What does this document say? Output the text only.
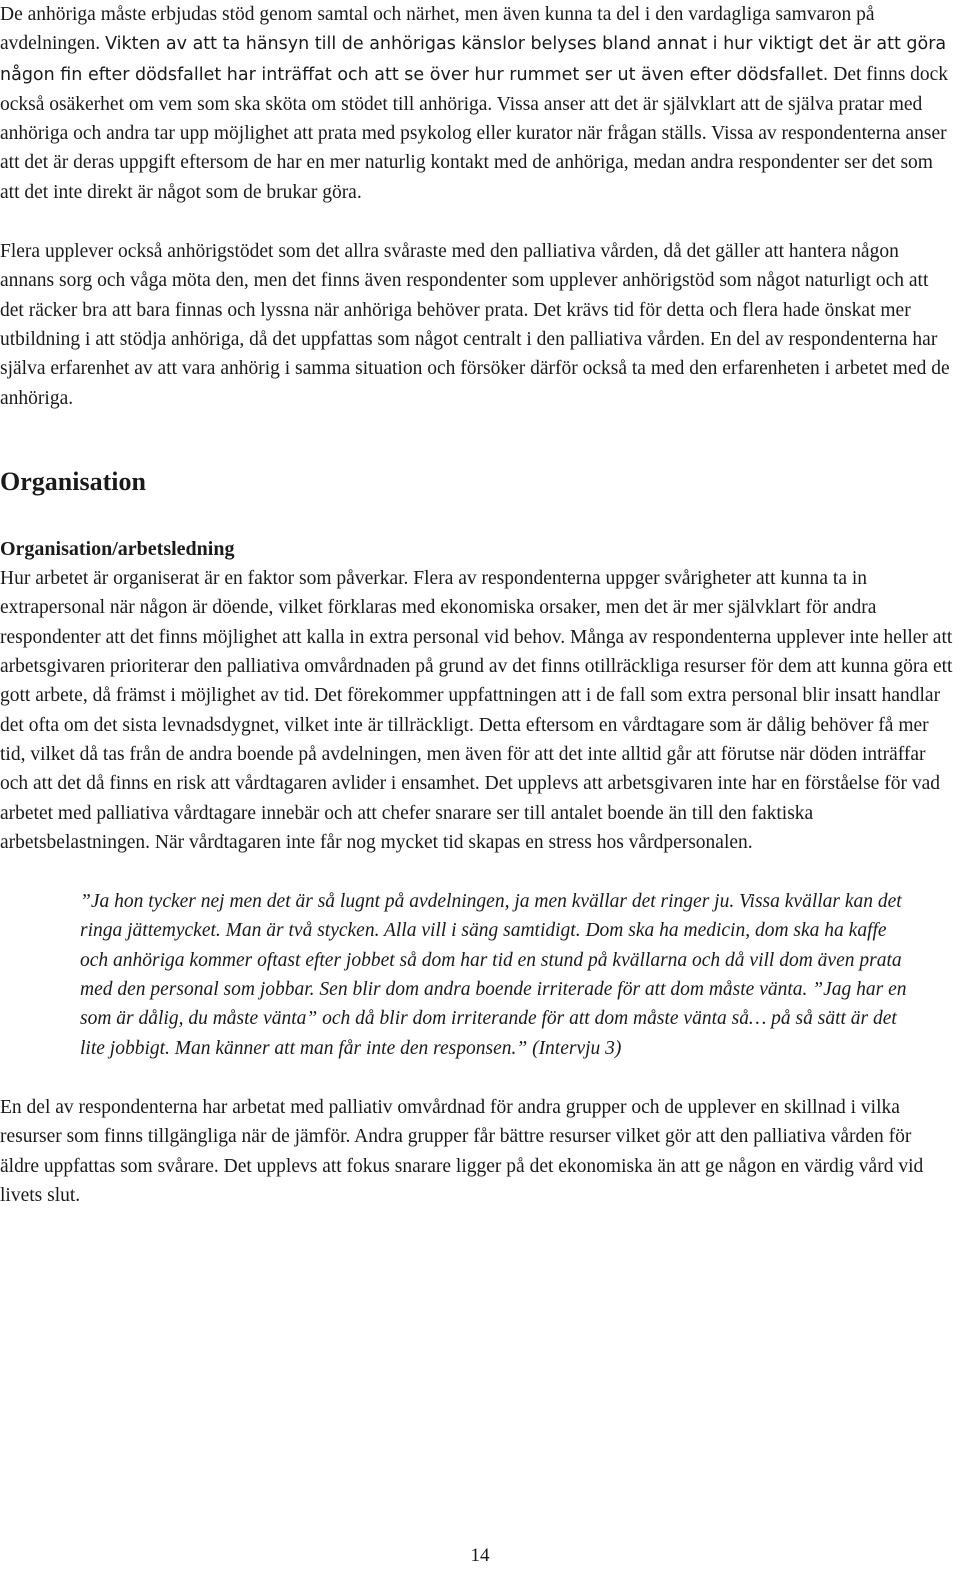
De anhöriga måste erbjudas stöd genom samtal och närhet, men även kunna ta del i den vardagliga samvaron på avdelningen. Vikten av att ta hänsyn till de anhörigas känslor belyses bland annat i hur viktigt det är att göra någon fin efter dödsfallet har inträffat och att se över hur rummet ser ut även efter dödsfallet. Det finns dock också osäkerhet om vem som ska sköta om stödet till anhöriga. Vissa anser att det är självklart att de själva pratar med anhöriga och andra tar upp möjlighet att prata med psykolog eller kurator när frågan ställs. Vissa av respondenterna anser att det är deras uppgift eftersom de har en mer naturlig kontakt med de anhöriga, medan andra respondenter ser det som att det inte direkt är något som de brukar göra.

Flera upplever också anhörigstödet som det allra svåraste med den palliativa vården, då det gäller att hantera någon annans sorg och våga möta den, men det finns även respondenter som upplever anhörigstöd som något naturligt och att det räcker bra att bara finnas och lyssna när anhöriga behöver prata. Det krävs tid för detta och flera hade önskat mer utbildning i att stödja anhöriga, då det uppfattas som något centralt i den palliativa vården. En del av respondenterna har själva erfarenhet av att vara anhörig i samma situation och försöker därför också ta med den erfarenheten i arbetet med de anhöriga.

Organisation
Organisation/arbetsledning

Hur arbetet är organiserat är en faktor som påverkar. Flera av respondenterna uppger svårigheter att kunna ta in extrapersonal när någon är döende, vilket förklaras med ekonomiska orsaker, men det är mer självklart för andra respondenter att det finns möjlighet att kalla in extra personal vid behov. Många av respondenterna upplever inte heller att arbetsgivaren prioriterar den palliativa omvårdnaden på grund av det finns otillräckliga resurser för dem att kunna göra ett gott arbete, då främst i möjlighet av tid. Det förekommer uppfattningen att i de fall som extra personal blir insatt handlar det ofta om det sista levnadsdygnet, vilket inte är tillräckligt. Detta eftersom en vårdtagare som är dålig behöver få mer tid, vilket då tas från de andra boende på avdelningen, men även för att det inte alltid går att förutse när döden inträffar och att det då finns en risk att vårdtagaren avlider i ensamhet. Det upplevs att arbetsgivaren inte har en förståelse för vad arbetet med palliativa vårdtagare innebär och att chefer snarare ser till antalet boende än till den faktiska arbetsbelastningen. När vårdtagaren inte får nog mycket tid skapas en stress hos vårdpersonalen.

”Ja hon tycker nej men det är så lugnt på avdelningen, ja men kvällar det ringer ju. Vissa kvällar kan det ringa jättemycket. Man är två stycken. Alla vill i säng samtidigt. Dom ska ha medicin, dom ska ha kaffe och anhöriga kommer oftast efter jobbet så dom har tid en stund på kvällarna och då vill dom även prata med den personal som jobbar. Sen blir dom andra boende irriterade för att dom måste vänta. ”Jag har en som är dålig, du måste vänta” och då blir dom irriterande för att dom måste vänta så… på så sätt är det lite jobbigt. Man känner att man får inte den responsen.” (Intervju 3)

En del av respondenterna har arbetat med palliativ omvårdnad för andra grupper och de upplever en skillnad i vilka resurser som finns tillgängliga när de jämför. Andra grupper får bättre resurser vilket gör att den palliativa vården för äldre uppfattas som svårare. Det upplevs att fokus snarare ligger på det ekonomiska än att ge någon en värdig vård vid livets slut.

14
